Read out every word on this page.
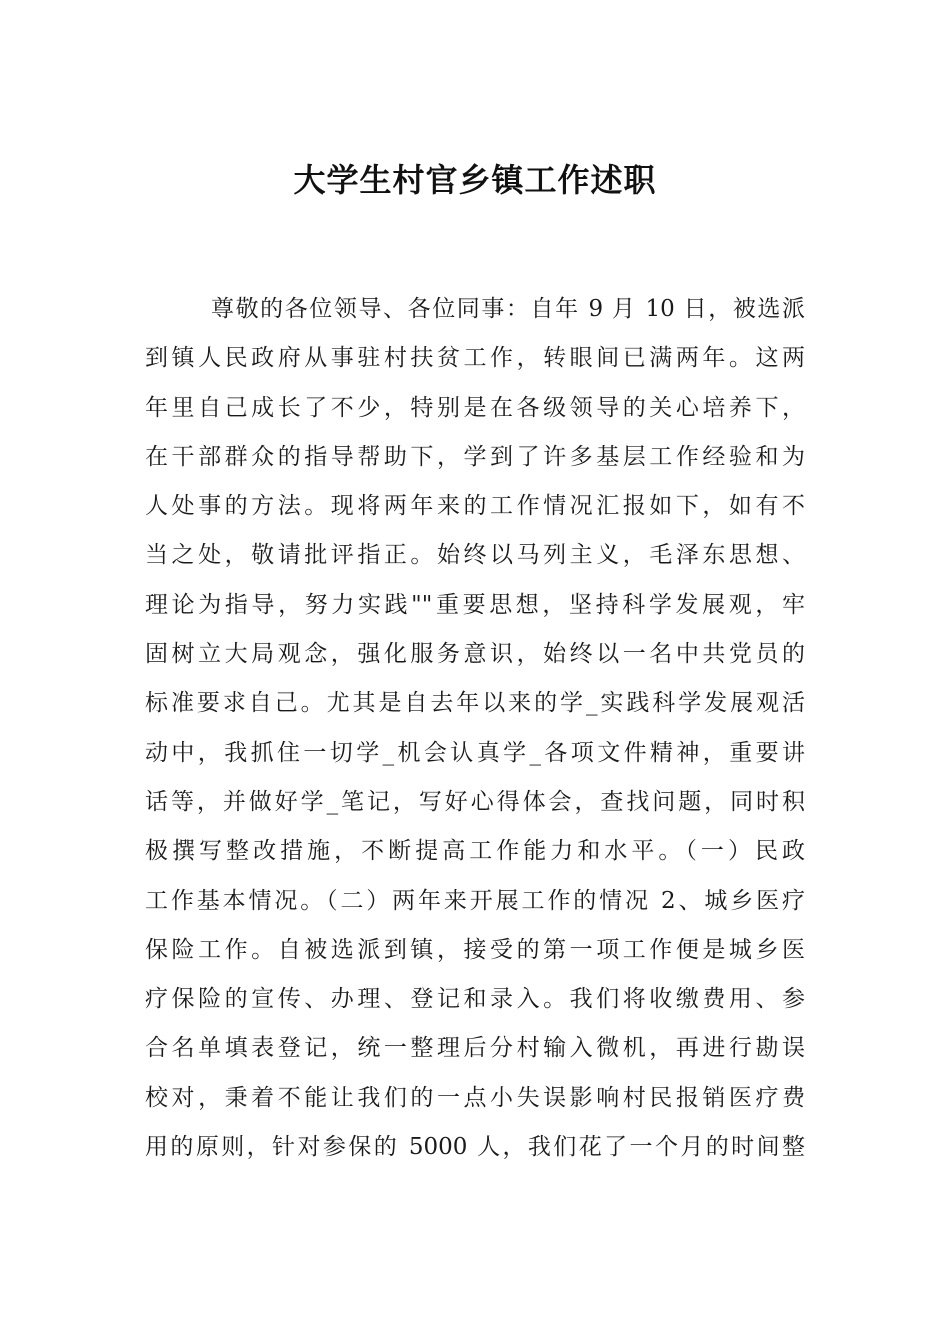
大学生村官乡镇工作述职
尊敬的各位领导、各位同事：自年 9 月 10 日，被选派
到镇人民政府从事驻村扶贫工作，转眼间已满两年。这两
年里自己成长了不少，特别是在各级领导的关心培养下，
在干部群众的指导帮助下，学到了许多基层工作经验和为
人处事的方法。现将两年来的工作情况汇报如下，如有不
当之处，敬请批评指正。始终以马列主义，毛泽东思想、
理论为指导，努力实践""重要思想，坚持科学发展观，牢
固树立大局观念，强化服务意识，始终以一名中共党员的
标准要求自己。尤其是自去年以来的学_实践科学发展观活
动中，我抓住一切学_机会认真学_各项文件精神，重要讲
话等，并做好学_笔记，写好心得体会，查找问题，同时积
极撰写整改措施，不断提高工作能力和水平。（一）民政
工作基本情况。（二）两年来开展工作的情况 2、城乡医疗
保险工作。自被选派到镇，接受的第一项工作便是城乡医
疗保险的宣传、办理、登记和录入。我们将收缴费用、参
合名单填表登记，统一整理后分村输入微机，再进行勘误
校对，秉着不能让我们的一点小失误影响村民报销医疗费
用的原则，针对参保的 5000 人，我们花了一个月的时间整
